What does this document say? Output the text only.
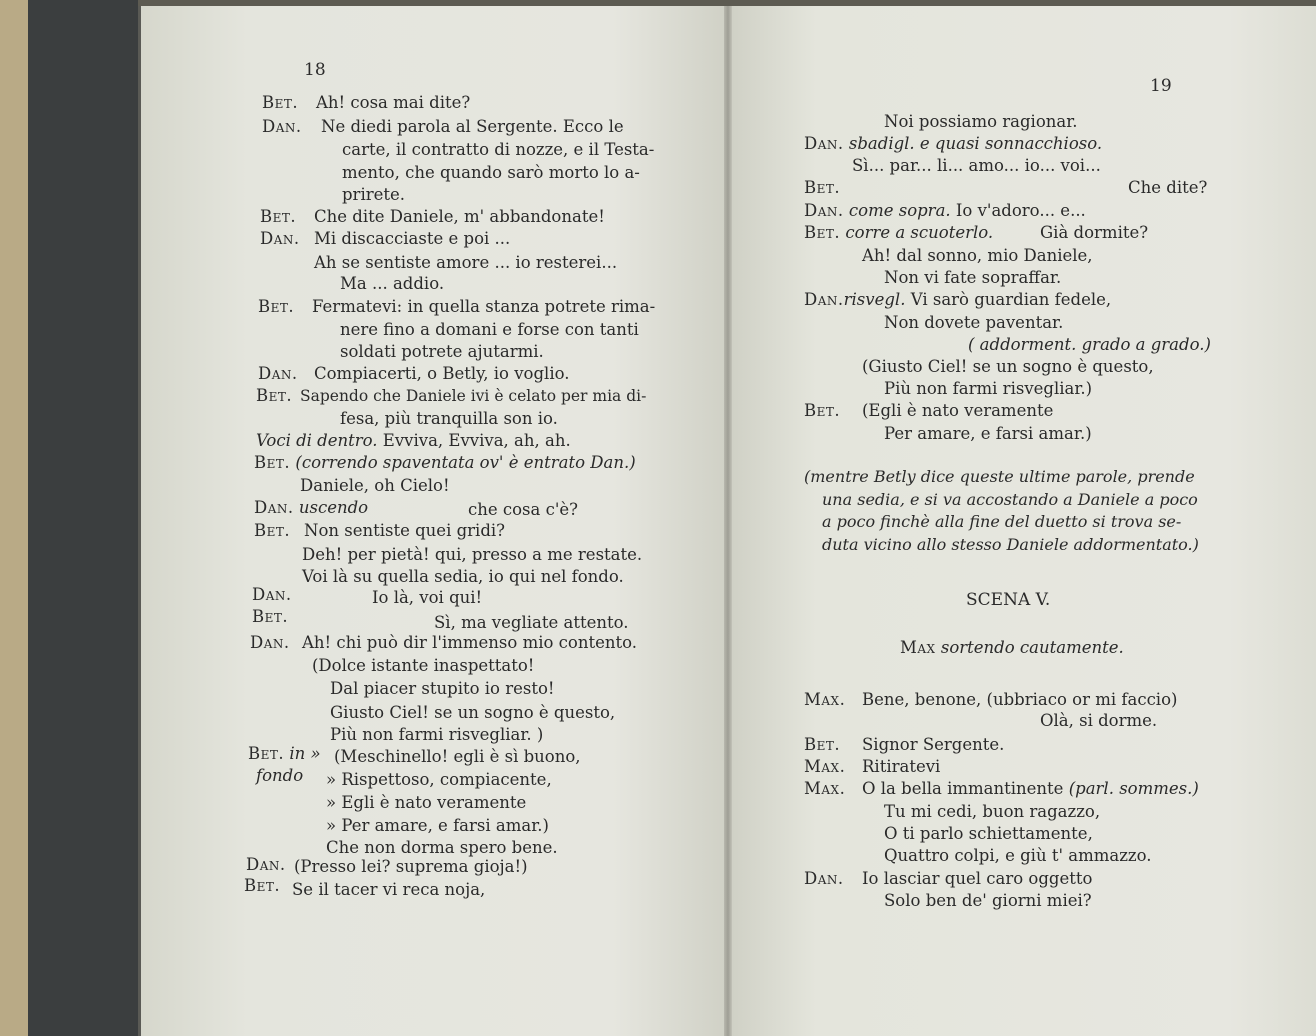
18
Bet. Ah! cosa mai dite?
Dan. Ne diedi parola al Sergente. Ecco le
carte, il contratto di nozze, e il Testa-
mento, che quando sarò morto lo a-
prirete.
Bet. Che dite Daniele, m' abbandonate!
Dan. Mi discacciaste e poi ...
Ah se sentiste amore ... io resterei...
Ma ... addio.
Bet. Fermatevi: in quella stanza potrete rima-
nere fino a domani e forse con tanti
soldati potrete ajutarmi.
Dan. Compiacerti, o Betly, io voglio.
Bet. Sapendo che Daniele ivi è celato per mia di-
fesa, più tranquilla son io.
Voci di dentro. Evviva, Evviva, ah, ah.
Bet. (correndo spaventata ov' è entrato Dan.)
Daniele, oh Cielo!
Dan. uscendo	che cosa c'è?
Bet. Non sentiste quei gridi?
Deh! per pietà! qui, presso a me restate.
Voi là su quella sedia, io qui nel fondo.
Dan.	Io là, voi qui!
Bet.	Sì, ma vegliate attento.
Dan. Ah! chi può dir l'immenso mio contento.
(Dolce istante inaspettato!
Dal piacer stupito io resto!
Giusto Ciel! se un sogno è questo,
Più non farmi risvegliar. )
Bet. in » (Meschinello! egli è sì buono,
fondo » Rispettoso, compiacente,
» Egli è nato veramente
» Per amare, e farsi amar.)
Che non dorma spero bene.
Dan. (Presso lei? suprema gioja!)
Bet. Se il tacer vi reca noja,
19
Noi possiamo ragionar.
Dan. sbadigl. e quasi sonnacchioso.
Sì... par... li... amo... io... voi...
Bet.	Che dite?
Dan. come sopra. Io v'adoro... e...
Bet. corre a scuoterlo.	Già dormite?
Ah! dal sonno, mio Daniele,
Non vi fate sopraffar.
Dan.risvegl. Vi sarò guardian fedele,
Non dovete paventar.
( addorment. grado a grado.)
(Giusto Ciel! se un sogno è questo,
Più non farmi risvegliar.)
Bet. (Egli è nato veramente
Per amare, e farsi amar.)
(mentre Betly dice queste ultime parole, prende
una sedia, e si va accostando a Daniele a poco
a poco finchè alla fine del duetto si trova se-
duta vicino allo stesso Daniele addormentato.)
SCENA V.
Max sortendo cautamente.
Max. Bene, benone, (ubbriaco or mi faccio)
Olà, si dorme.
Bet. Signor Sergente.
Max. Ritiratevi
Max. O la bella immantinente (parl. sommes.)
Tu mi cedi, buon ragazzo,
O ti parlo schiettamente,
Quattro colpi, e giù t' ammazzo.
Dan. Io lasciar quel caro oggetto
Solo ben de' giorni miei?
